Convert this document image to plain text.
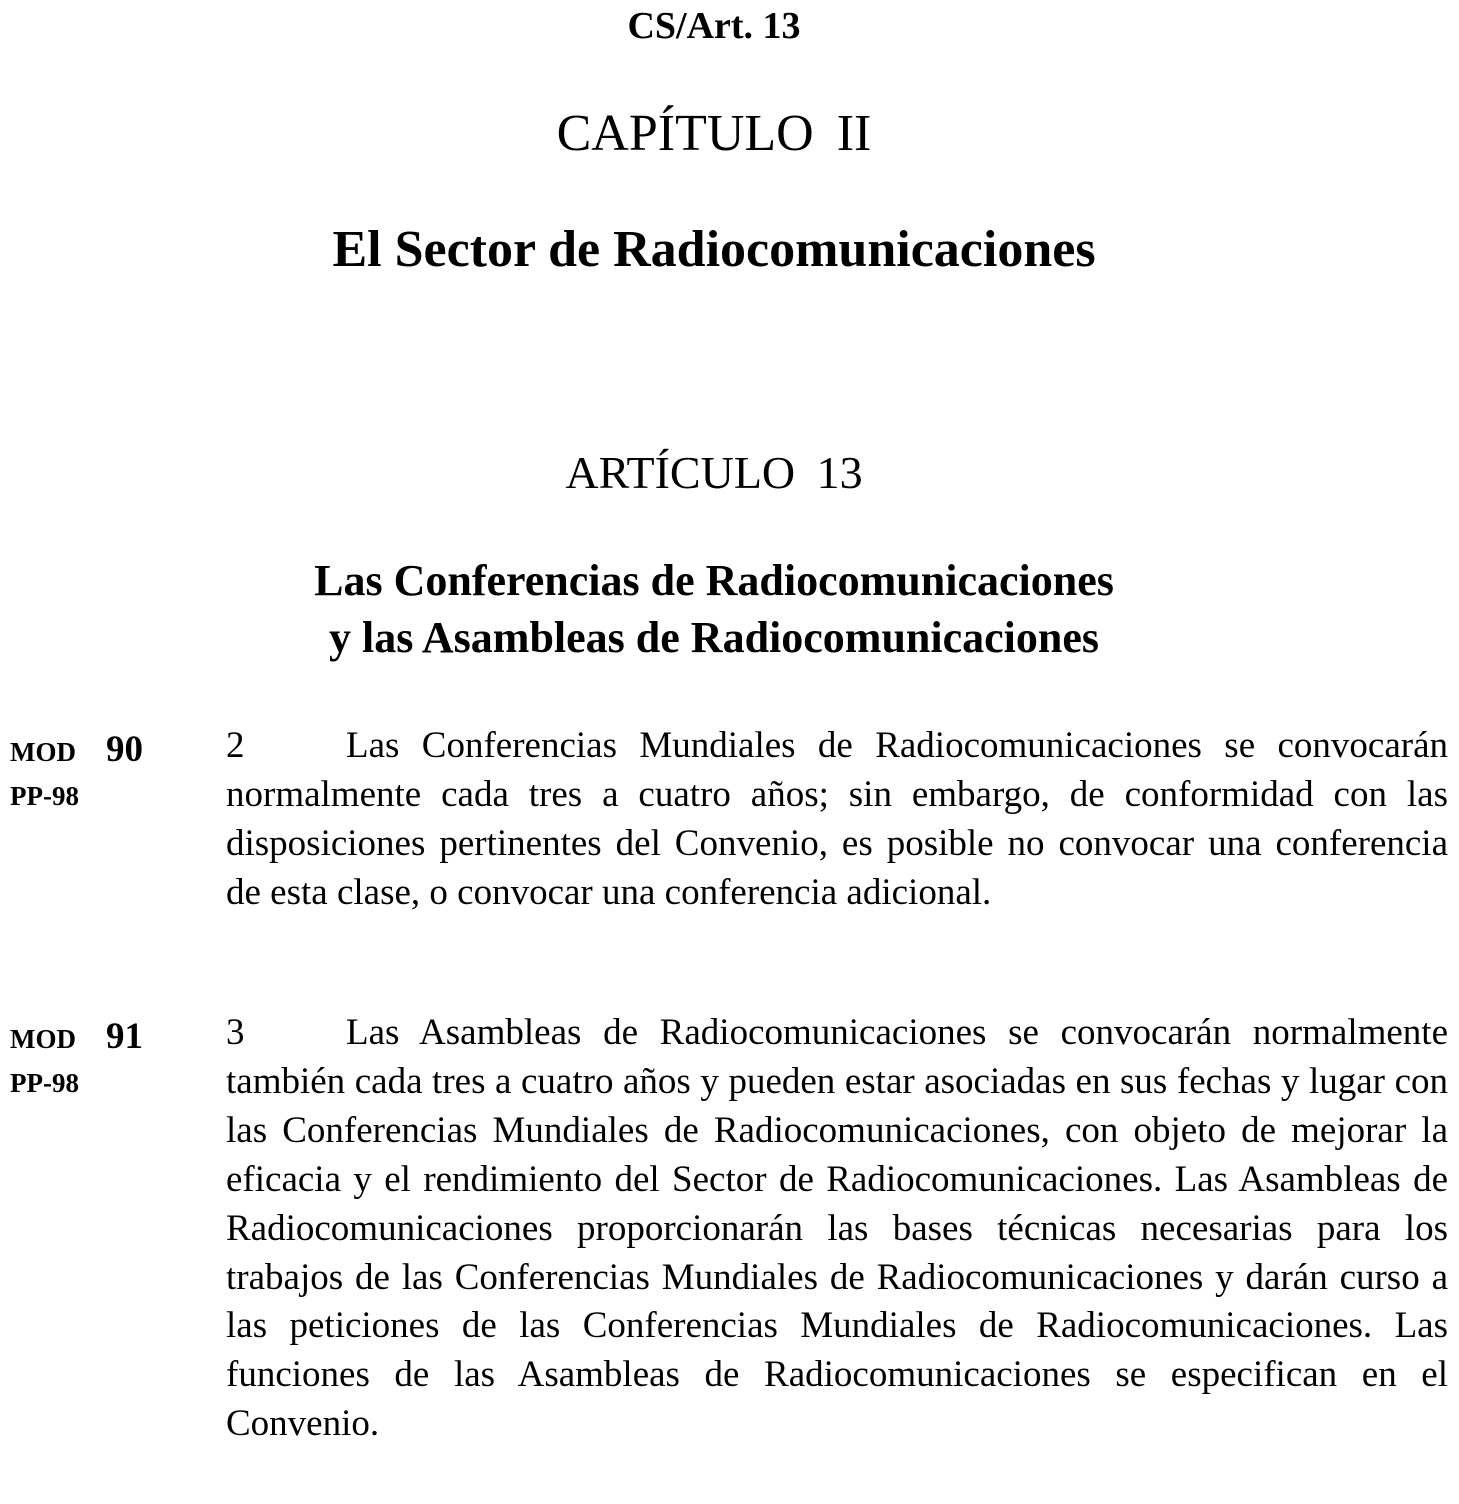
CS/Art. 13

CAPÍTULO II

El Sector de Radiocomunicaciones

ARTÍCULO 13

Las Conferencias de Radiocomunicaciones
y las Asambleas de Radiocomunicaciones

MOD 90
PP-98

2	Las Conferencias Mundiales de Radiocomunicaciones se convocarán normalmente cada tres a cuatro años; sin embargo, de conformidad con las disposiciones pertinentes del Convenio, es posible no convocar una conferencia de esta clase, o convocar una conferencia adicional.

MOD 91
PP-98

3	Las Asambleas de Radiocomunicaciones se convocarán normalmente también cada tres a cuatro años y pueden estar asociadas en sus fechas y lugar con las Conferencias Mundiales de Radiocomunicaciones, con objeto de mejorar la eficacia y el rendimiento del Sector de Radiocomunicaciones. Las Asambleas de Radiocomunicaciones proporcionarán las bases técnicas necesarias para los trabajos de las Conferencias Mundiales de Radiocomunicaciones y darán curso a las peticiones de las Conferencias Mundiales de Radiocomunicaciones. Las funciones de las Asambleas de Radiocomunicaciones se especifican en el Convenio.
